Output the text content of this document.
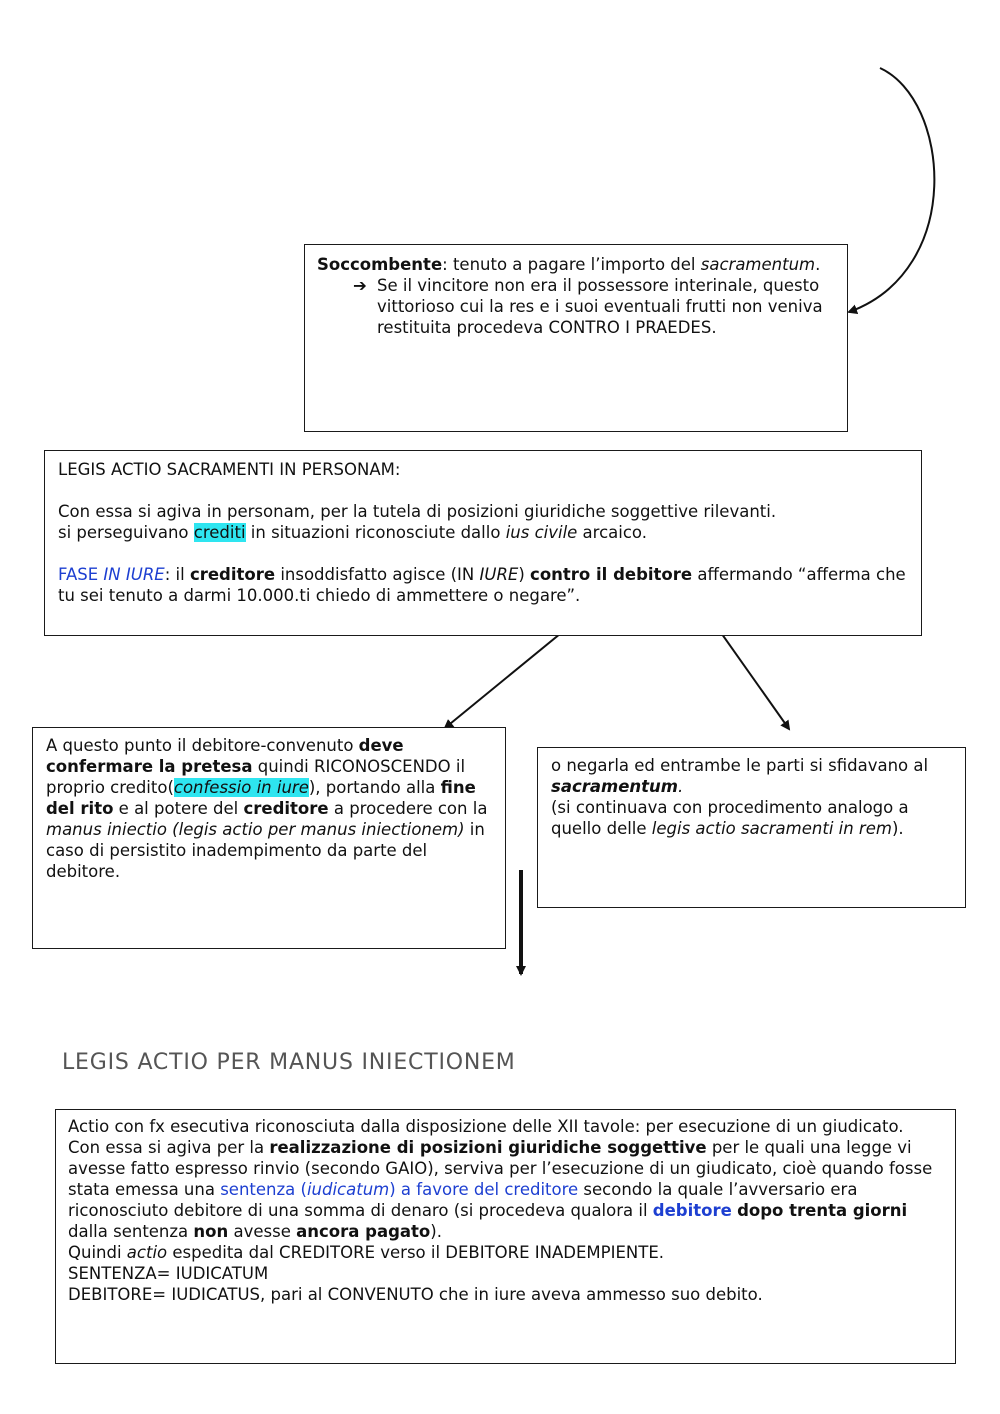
Soccombente: tenuto a pagare l’importo del sacramentum.

➔ Se il vincitore non era il possessore interinale, questo vittorioso cui la res e i suoi eventuali frutti non veniva restituita procedeva CONTRO I PRAEDES.

LEGIS ACTIO SACRAMENTI IN PERSONAM:

Con essa si agiva in personam, per la tutela di posizioni giuridiche soggettive rilevanti.

si perseguivano crediti in situazioni riconosciute dallo ius civile arcaico.

FASE IN IURE: il creditore insoddisfatto agisce (IN IURE) contro il debitore affermando “afferma che tu sei tenuto a darmi 10.000.ti chiedo di ammettere o negare”.

A questo punto il debitore-convenuto deve confermare la pretesa quindi RICONOSCENDO il proprio credito(confessio in iure), portando alla fine del rito e al potere del creditore a procedere con la manus iniectio (legis actio per manus iniectionem) in caso di persistito inadempimento da parte del debitore.

o negarla ed entrambe le parti si sfidavano al sacramentum.
(si continuava con procedimento analogo a quello delle legis actio sacramenti in rem).

LEGIS ACTIO PER MANUS INIECTIONEM

Actio con fx esecutiva riconosciuta dalla disposizione delle XII tavole: per esecuzione di un giudicato.

Con essa si agiva per la realizzazione di posizioni giuridiche soggettive per le quali una legge vi avesse fatto espresso rinvio (secondo GAIO), serviva per l’esecuzione di un giudicato, cioè quando fosse stata emessa una sentenza (iudicatum) a favore del creditore secondo la quale l’avversario era riconosciuto debitore di una somma di denaro (si procedeva qualora il debitore dopo trenta giorni dalla sentenza non avesse ancora pagato).

Quindi actio espedita dal CREDITORE verso il DEBITORE INADEMPIENTE.

SENTENZA= IUDICATUM

DEBITORE= IUDICATUS, pari al CONVENUTO che in iure aveva ammesso suo debito.
